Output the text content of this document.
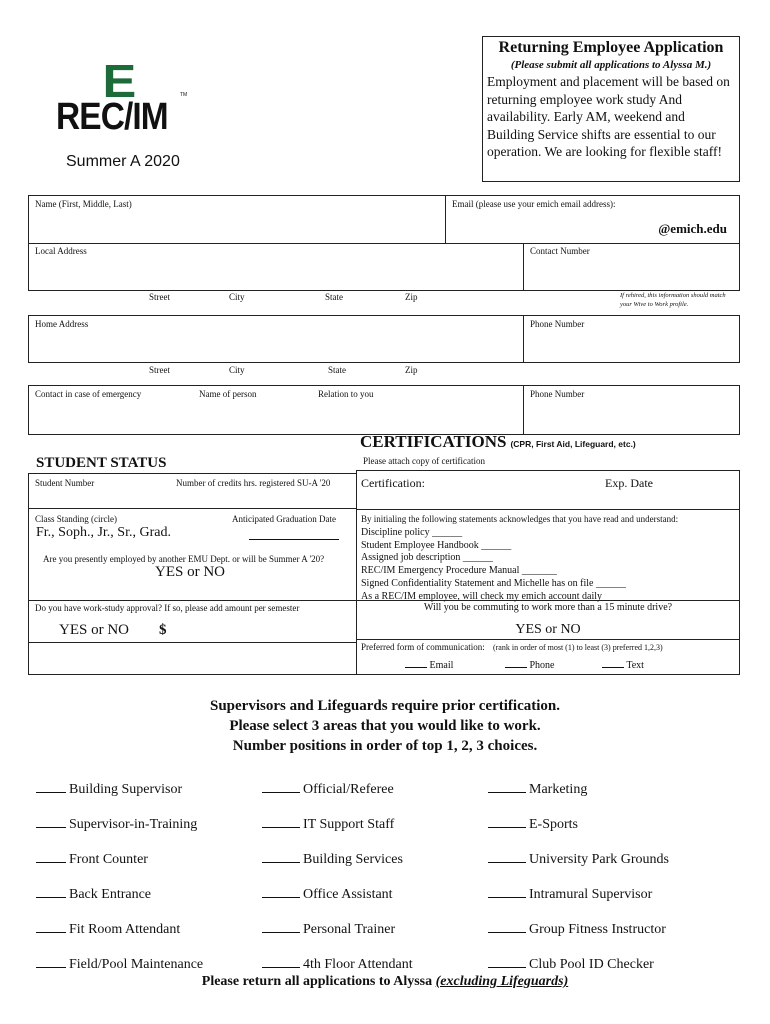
E
REC/IM
TM
Summer A 2020
Returning Employee Application
(Please submit all applications to Alyssa M.)
Employment and placement will be based on returning employee work study And availability. Early AM, weekend and Building Service shifts are essential to our operation. We are looking for flexible staff!
Name (First, Middle, Last)	Email (please use your emich email address):
@emich.edu
Local Address	Contact Number
Street	City	State	Zip	If rehired, this information should match your Wive to Work profile.
Home Address	Phone Number
Street	City	State	Zip
Contact in case of emergency	Name of person	Relation to you	Phone Number
STUDENT STATUS
Student Number	Number of credits hrs. registered SU-A '20
Class Standing (circle)	Anticipated Graduation Date
Fr., Soph., Jr., Sr., Grad.
Are you presently employed by another EMU Dept. or will be Summer A '20?
YES or NO
Do you have work-study approval? If so, please add amount per semester
YES or NO $
CERTIFICATIONS (CPR, First Aid, Lifeguard, etc.)
Please attach copy of certification
Certification:	Exp. Date
By initialing the following statements acknowledges that you have read and understand:
Discipline policy ______
Student Employee Handbook ______
Assigned job description ______
REC/IM Emergency Procedure Manual _______
Signed Confidentiality Statement and Michelle has on file ______
As a REC/IM employee, will check my emich account daily _____
Will you be commuting to work more than a 15 minute drive?
YES or NO
Preferred form of communication: (rank in order of most (1) to least (3) preferred 1,2,3)
Email	Phone	Text
Supervisors and Lifeguards require prior certification.
Please select 3 areas that you would like to work.
Number positions in order of top 1, 2, 3 choices.
Building Supervisor
Supervisor-in-Training
Front Counter
Back Entrance
Fit Room Attendant
Field/Pool Maintenance
Official/Referee
IT Support Staff
Building Services
Office Assistant
Personal Trainer
4th Floor Attendant
Marketing
E-Sports
University Park Grounds
Intramural Supervisor
Group Fitness Instructor
Club Pool ID Checker
Please return all applications to Alyssa (excluding Lifeguards)
